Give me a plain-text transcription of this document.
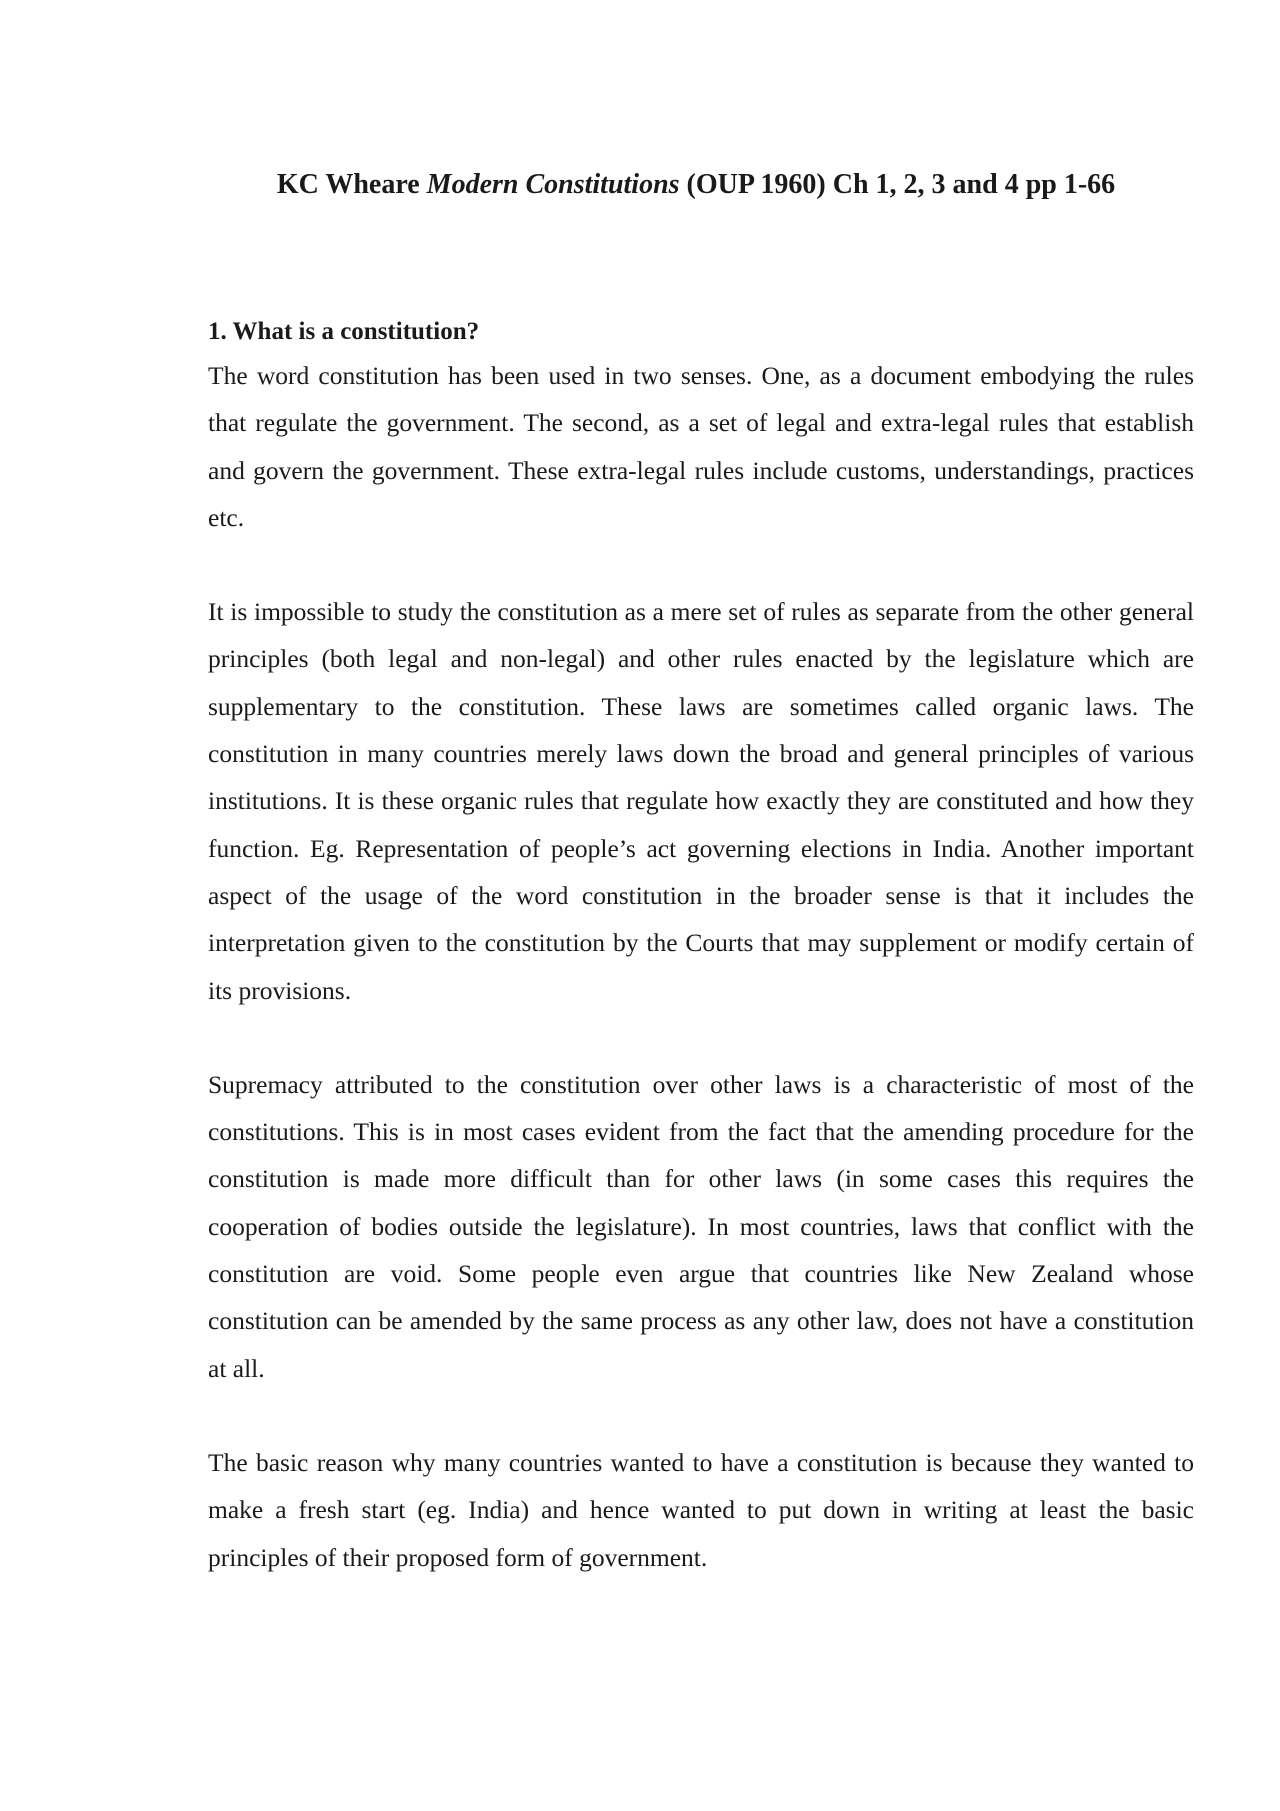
KC Wheare Modern Constitutions (OUP 1960) Ch 1, 2, 3 and 4 pp 1-66
1. What is a constitution?

The word constitution has been used in two senses. One, as a document embodying the rules that regulate the government. The second, as a set of legal and extra-legal rules that establish and govern the government. These extra-legal rules include customs, understandings, practices etc.

It is impossible to study the constitution as a mere set of rules as separate from the other general principles (both legal and non-legal) and other rules enacted by the legislature which are supplementary to the constitution. These laws are sometimes called organic laws. The constitution in many countries merely laws down the broad and general principles of various institutions. It is these organic rules that regulate how exactly they are constituted and how they function. Eg. Representation of people’s act governing elections in India. Another important aspect of the usage of the word constitution in the broader sense is that it includes the interpretation given to the constitution by the Courts that may supplement or modify certain of its provisions.

Supremacy attributed to the constitution over other laws is a characteristic of most of the constitutions. This is in most cases evident from the fact that the amending procedure for the constitution is made more difficult than for other laws (in some cases this requires the cooperation of bodies outside the legislature). In most countries, laws that conflict with the constitution are void. Some people even argue that countries like New Zealand whose constitution can be amended by the same process as any other law, does not have a constitution at all.

The basic reason why many countries wanted to have a constitution is because they wanted to make a fresh start (eg. India) and hence wanted to put down in writing at least the basic principles of their proposed form of government.
